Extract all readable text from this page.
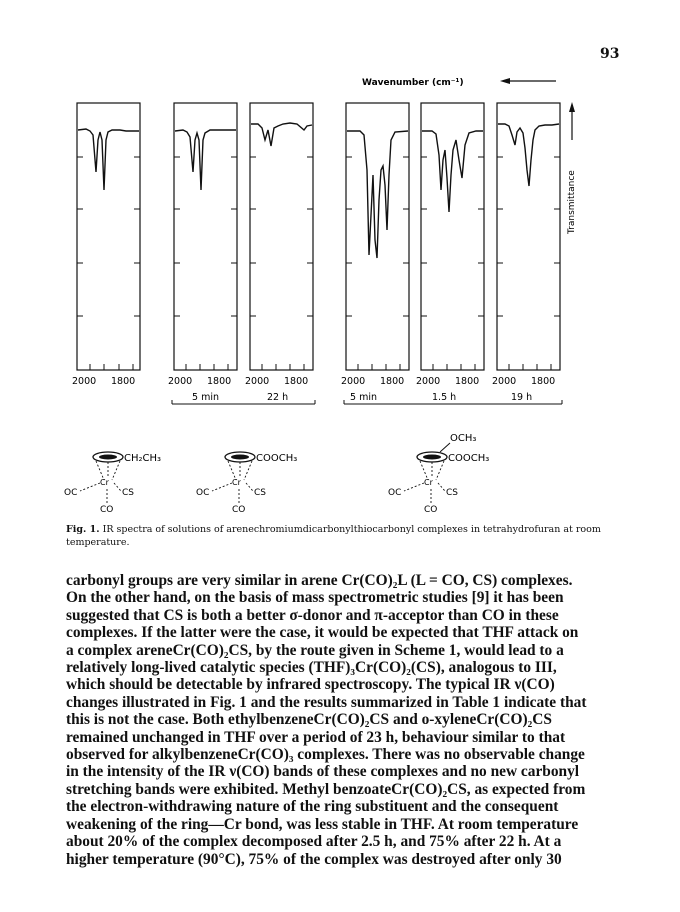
93
Wavenumber (cm⁻¹)
Transmittance
2000 1800	2000 1800 2000 1800	2000 1800 2000 1800 2000 1800
5 min	22 h	5 min	1.5 h	19 h
CH₂CH₃
Cr
OC	CS
CO
COOCH₃
Cr
OC	CS
CO
OCH₃
COOCH₃
Cr
OC	CS
CO
Fig. 1. IR spectra of solutions of arenechromiumdicarbonylthiocarbonyl complexes in tetrahydrofuran at room temperature.
carbonyl groups are very similar in arene Cr(CO)₂L (L = CO, CS) complexes.
On the other hand, on the basis of mass spectrometric studies [9] it has been
suggested that CS is both a better σ-donor and π-acceptor than CO in these
complexes. If the latter were the case, it would be expected that THF attack on
a complex areneCr(CO)₂CS, by the route given in Scheme 1, would lead to a
relatively long-lived catalytic species (THF)₃Cr(CO)₂(CS), analogous to III,
which should be detectable by infrared spectroscopy. The typical IR ν(CO)
changes illustrated in Fig. 1 and the results summarized in Table 1 indicate that
this is not the case. Both ethylbenzeneCr(CO)₂CS and o-xyleneCr(CO)₂CS
remained unchanged in THF over a period of 23 h, behaviour similar to that
observed for alkylbenzeneCr(CO)₃ complexes. There was no observable change
in the intensity of the IR ν(CO) bands of these complexes and no new carbonyl
stretching bands were exhibited. Methyl benzoateCr(CO)₂CS, as expected from
the electron-withdrawing nature of the ring substituent and the consequent
weakening of the ring—Cr bond, was less stable in THF. At room temperature
about 20% of the complex decomposed after 2.5 h, and 75% after 22 h. At a
higher temperature (90°C), 75% of the complex was destroyed after only 30
